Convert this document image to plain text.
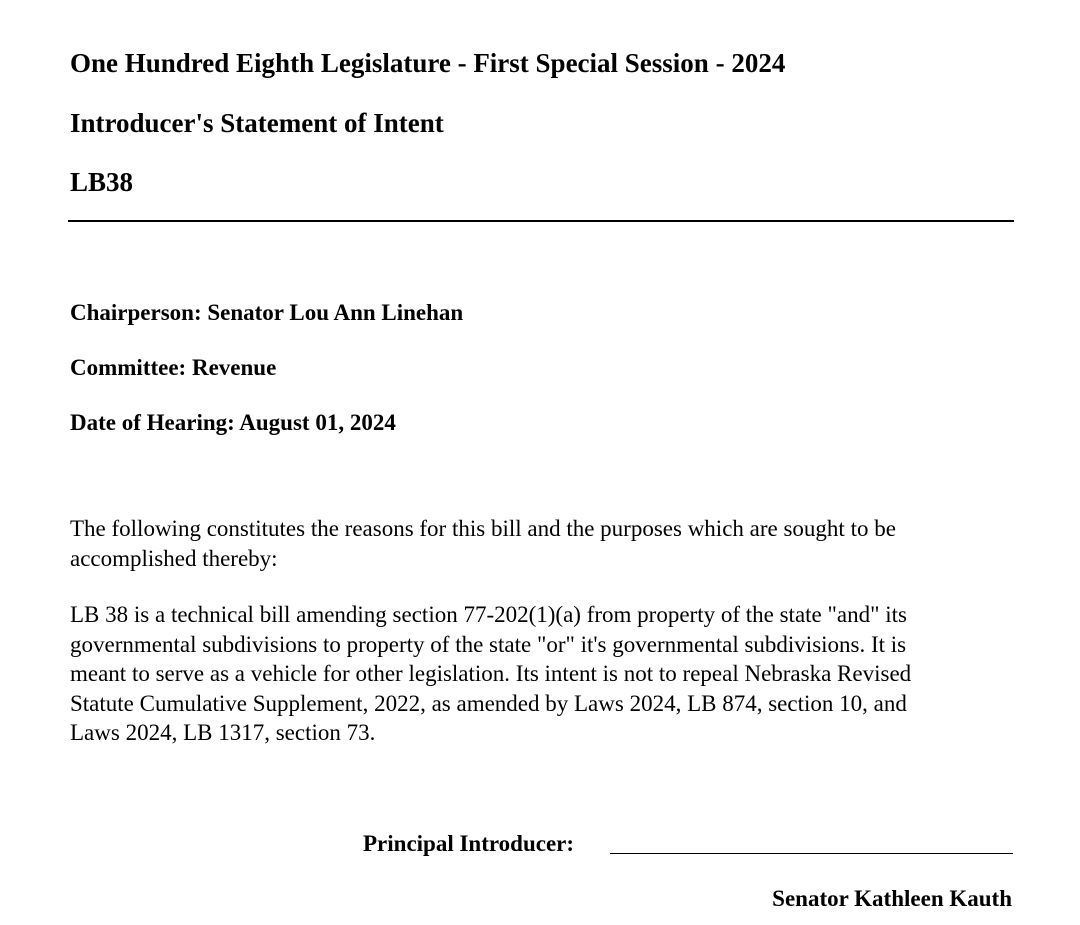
One Hundred Eighth Legislature - First Special Session - 2024
Introducer's Statement of Intent
LB38
Chairperson: Senator Lou Ann Linehan
Committee: Revenue
Date of Hearing: August 01, 2024
The following constitutes the reasons for this bill and the purposes which are sought to be
accomplished thereby:
LB 38 is a technical bill amending section 77-202(1)(a) from property of the state "and" its
governmental subdivisions to property of the state "or" it's governmental subdivisions. It is
meant to serve as a vehicle for other legislation. Its intent is not to repeal Nebraska Revised
Statute Cumulative Supplement, 2022, as amended by Laws 2024, LB 874, section 10, and
Laws 2024, LB 1317, section 73.
Principal Introducer:
Senator Kathleen Kauth
